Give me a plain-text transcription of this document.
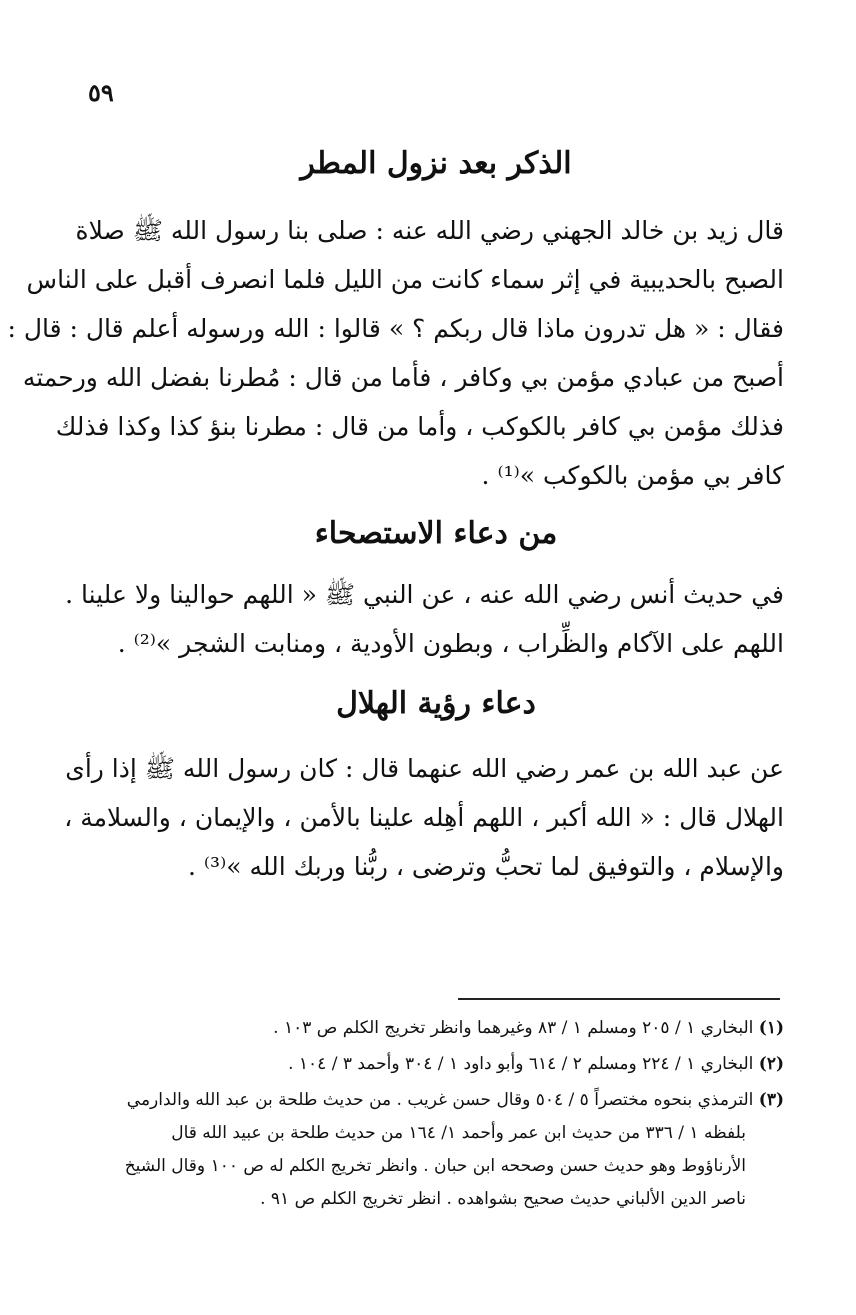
٥٩
الذكر بعد نزول المطر
قال زيد بن خالد الجهني رضي الله عنه : صلى بنا رسول الله ﷺ صلاة
الصبح بالحديبية في إثر سماء كانت من الليل فلما انصرف أقبل على الناس
فقال : « هل تدرون ماذا قال ربكم ؟ » قالوا : الله ورسوله أعلم قال : قال :
أصبح من عبادي مؤمن بي وكافر ، فأما من قال : مُطرنا بفضل الله ورحمته
فذلك مؤمن بي كافر بالكوكب ، وأما من قال : مطرنا بنؤ كذا وكذا فذلك
كافر بي مؤمن بالكوكب »⁽¹⁾ .
من دعاء الاستصحاء
في حديث أنس رضي الله عنه ، عن النبي ﷺ « اللهم حوالينا ولا علينا .
اللهم على الآكام والظِّراب ، وبطون الأودية ، ومنابت الشجر »⁽²⁾ .
دعاء رؤية الهلال
عن عبد الله بن عمر رضي الله عنهما قال : كان رسول الله ﷺ إذا رأى
الهلال قال : « الله أكبر ، اللهم أهِله علينا بالأمن ، والإيمان ، والسلامة ،
والإسلام ، والتوفيق لما تحبُّ وترضى ، ربُّنا وربك الله »⁽³⁾ .

(١) البخاري ١ / ٢٠٥ ومسلم ١ / ٨٣ وغيرهما وانظر تخريج الكلم ص ١٠٣ .

(٢) البخاري ١ / ٢٢٤ ومسلم ٢ / ٦١٤ وأبو داود ١ / ٣٠٤ وأحمد ٣ / ١٠٤ .

(٣) الترمذي بنحوه مختصراً ٥ / ٥٠٤ وقال حسن غريب . من حديث طلحة بن عبد الله والدارمي
بلفظه ١ / ٣٣٦ من حديث ابن عمر وأحمد ١/ ١٦٤ من حديث طلحة بن عبيد الله قال
الأرناؤوط وهو حديث حسن وصححه ابن حبان . وانظر تخريج الكلم له ص ١٠٠ وقال الشيخ
ناصر الدين الألباني حديث صحيح بشواهده . انظر تخريج الكلم ص ٩١ .
